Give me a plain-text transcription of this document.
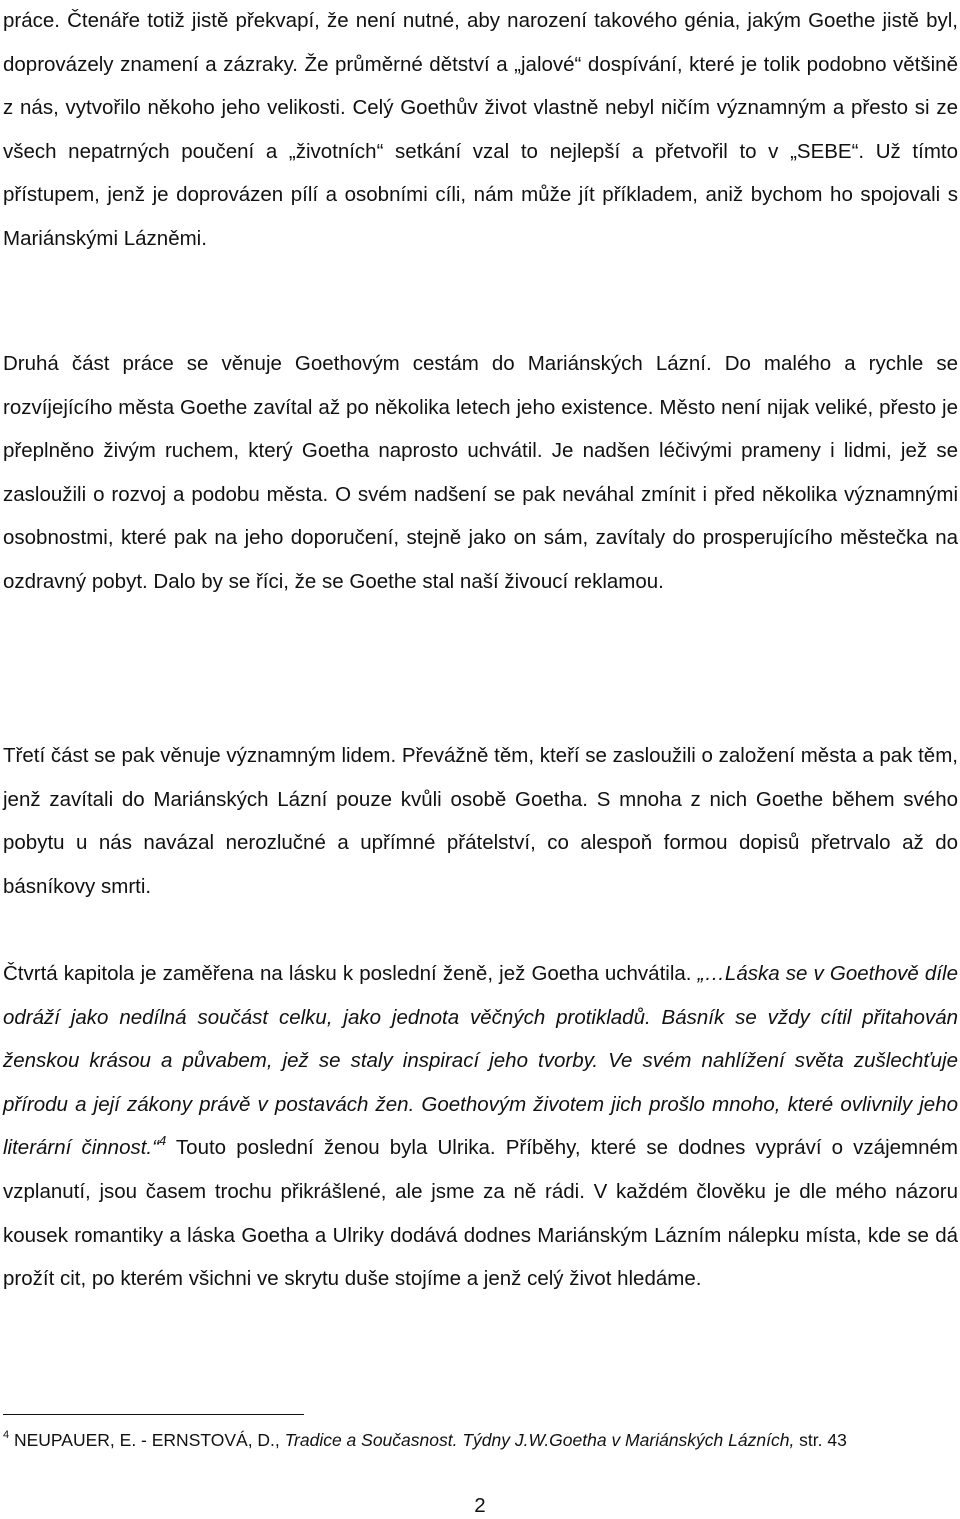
práce. Čtenáře totiž jistě překvapí, že není nutné, aby narození takového génia, jakým Goethe jistě byl, doprovázely znamení a zázraky. Že průměrné dětství a „jalové“ dospívání, které je tolik podobno většině z nás, vytvořilo někoho jeho velikosti. Celý Goethův život vlastně nebyl ničím významným a přesto si ze všech nepatrných poučení a „životních“ setkání vzal to nejlepší a přetvořil to v „SEBE“. Už tímto přístupem, jenž je doprovázen pílí a osobními cíli, nám může jít příkladem, aniž bychom ho spojovali s Mariánskými Lázněmi.

Druhá část práce se věnuje Goethovým cestám do Mariánských Lázní. Do malého a rychle se rozvíjejícího města Goethe zavítal až po několika letech jeho existence. Město není nijak veliké, přesto je přeplněno živým ruchem, který Goetha naprosto uchvátil. Je nadšen léčivými prameny i lidmi, jež se zasloužili o rozvoj a podobu města. O svém nadšení se pak neváhal zmínit i před několika významnými osobnostmi, které pak na jeho doporučení, stejně jako on sám, zavítaly do prosperujícího městečka na ozdravný pobyt. Dalo by se říci, že se Goethe stal naší živoucí reklamou.

Třetí část se pak věnuje významným lidem. Převážně těm, kteří se zasloužili o založení města a pak těm, jenž zavítali do Mariánských Lázní pouze kvůli osobě Goetha. S mnoha z nich Goethe během svého pobytu u nás navázal nerozlučné a upřímné přátelství, co alespoň formou dopisů přetrvalo až do básníkovy smrti.

Čtvrtá kapitola je zaměřena na lásku k poslední ženě, jež Goetha uchvátila. „…Láska se v Goethově díle odráží jako nedílná součást celku, jako jednota věčných protikladů. Básník se vždy cítil přitahován ženskou krásou a půvabem, jež se staly inspirací jeho tvorby. Ve svém nahlížení světa zušlechťuje přírodu a její zákony právě v postavách žen. Goethovým životem jich prošlo mnoho, které ovlivnily jeho literární činnost.“$^4$ Touto poslední ženou byla Ulrika. Příběhy, které se dodnes vypráví o vzájemném vzplanutí, jsou časem trochu přikrášlené, ale jsme za ně rádi. V každém člověku je dle mého názoru kousek romantiky a láska Goetha a Ulriky dodává dodnes Mariánským Lázním nálepku místa, kde se dá prožít cit, po kterém všichni ve skrytu duše stojíme a jenž celý život hledáme.

$^4$ NEUPAUER, E. - ERNSTOVÁ, D., Tradice a Současnost. Týdny J.W.Goetha v Mariánských Lázních, str. 43

2
